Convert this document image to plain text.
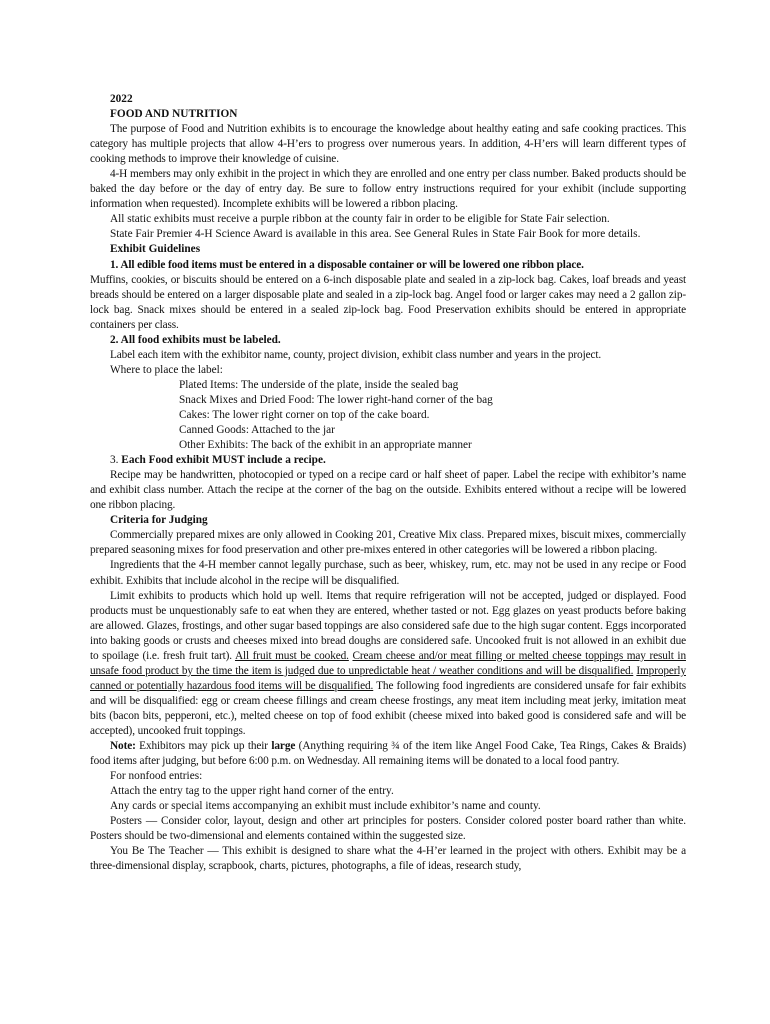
2022

FOOD AND NUTRITION

The purpose of Food and Nutrition exhibits is to encourage the knowledge about healthy eating and safe cooking practices. This category has multiple projects that allow 4-H’ers to progress over numerous years. In addition, 4-H’ers will learn different types of cooking methods to improve their knowledge of cuisine.

4-H members may only exhibit in the project in which they are enrolled and one entry per class number. Baked products should be baked the day before or the day of entry day. Be sure to follow entry instructions required for your exhibit (include supporting information when requested). Incomplete exhibits will be lowered a ribbon placing.

All static exhibits must receive a purple ribbon at the county fair in order to be eligible for State Fair selection.

State Fair Premier 4-H Science Award is available in this area. See General Rules in State Fair Book for more details.

Exhibit Guidelines

1. All edible food items must be entered in a disposable container or will be lowered one ribbon place.

Muffins, cookies, or biscuits should be entered on a 6-inch disposable plate and sealed in a zip-lock bag. Cakes, loaf breads and yeast breads should be entered on a larger disposable plate and sealed in a zip-lock bag. Angel food or larger cakes may need a 2 gallon zip-lock bag. Snack mixes should be entered in a sealed zip-lock bag. Food Preservation exhibits should be entered in appropriate containers per class.

2. All food exhibits must be labeled.

Label each item with the exhibitor name, county, project division, exhibit class number and years in the project.

Where to place the label:

Plated Items: The underside of the plate, inside the sealed bag

Snack Mixes and Dried Food: The lower right-hand corner of the bag

Cakes: The lower right corner on top of the cake board.

Canned Goods: Attached to the jar

Other Exhibits: The back of the exhibit in an appropriate manner

3. Each Food exhibit MUST include a recipe.

Recipe may be handwritten, photocopied or typed on a recipe card or half sheet of paper. Label the recipe with exhibitor’s name and exhibit class number. Attach the recipe at the corner of the bag on the outside. Exhibits entered without a recipe will be lowered one ribbon placing.

Criteria for Judging

Commercially prepared mixes are only allowed in Cooking 201, Creative Mix class. Prepared mixes, biscuit mixes, commercially prepared seasoning mixes for food preservation and other pre-mixes entered in other categories will be lowered a ribbon placing.

Ingredients that the 4-H member cannot legally purchase, such as beer, whiskey, rum, etc. may not be used in any recipe or Food exhibit. Exhibits that include alcohol in the recipe will be disqualified.

Limit exhibits to products which hold up well. Items that require refrigeration will not be accepted, judged or displayed. Food products must be unquestionably safe to eat when they are entered, whether tasted or not. Egg glazes on yeast products before baking are allowed. Glazes, frostings, and other sugar based toppings are also considered safe due to the high sugar content. Eggs incorporated into baking goods or crusts and cheeses mixed into bread doughs are considered safe. Uncooked fruit is not allowed in an exhibit due to spoilage (i.e. fresh fruit tart). All fruit must be cooked. Cream cheese and/or meat filling or melted cheese toppings may result in unsafe food product by the time the item is judged due to unpredictable heat / weather conditions and will be disqualified. Improperly canned or potentially hazardous food items will be disqualified. The following food ingredients are considered unsafe for fair exhibits and will be disqualified: egg or cream cheese fillings and cream cheese frostings, any meat item including meat jerky, imitation meat bits (bacon bits, pepperoni, etc.), melted cheese on top of food exhibit (cheese mixed into baked good is considered safe and will be accepted), uncooked fruit toppings.

Note: Exhibitors may pick up their large (Anything requiring ¾ of the item like Angel Food Cake, Tea Rings, Cakes & Braids) food items after judging, but before 6:00 p.m. on Wednesday. All remaining items will be donated to a local food pantry.

For nonfood entries:

Attach the entry tag to the upper right hand corner of the entry.

Any cards or special items accompanying an exhibit must include exhibitor’s name and county.

Posters — Consider color, layout, design and other art principles for posters. Consider colored poster board rather than white. Posters should be two-dimensional and elements contained within the suggested size.

You Be The Teacher — This exhibit is designed to share what the 4-H’er learned in the project with others. Exhibit may be a three-dimensional display, scrapbook, charts, pictures, photographs, a file of ideas, research study,
